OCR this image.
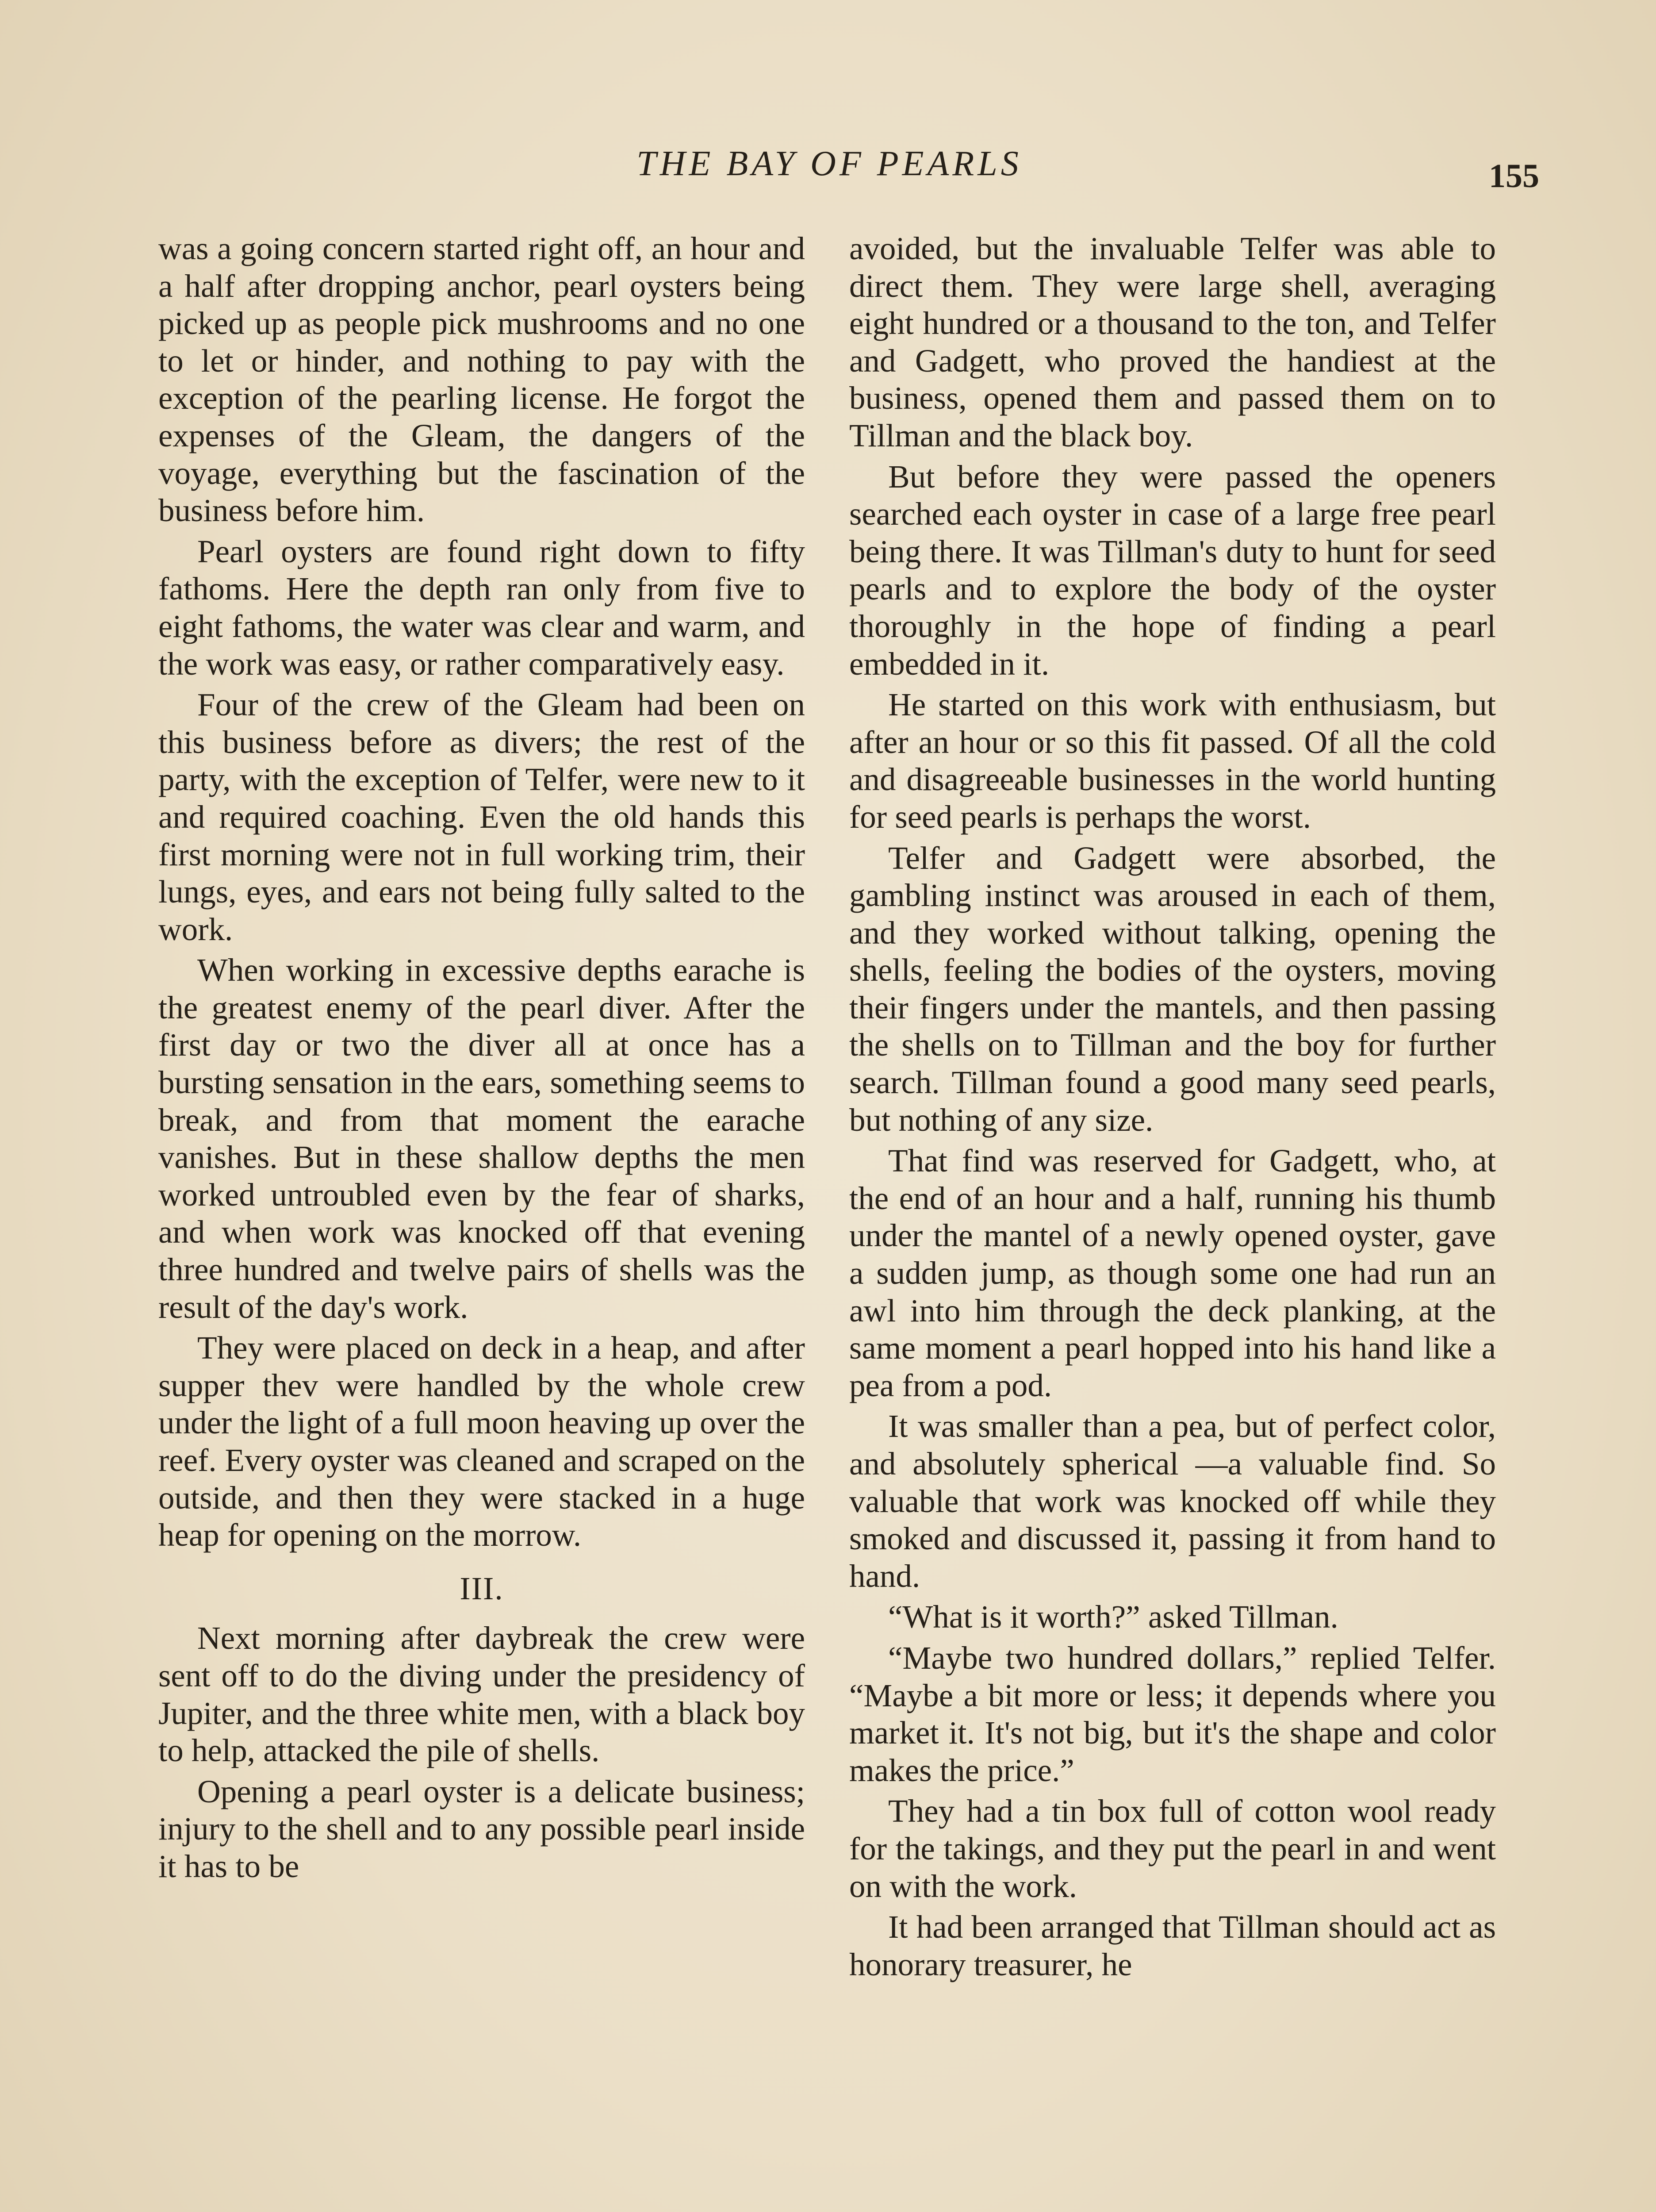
THE BAY OF PEARLS	155

was a going concern started right off, an hour and a half after dropping anchor, pearl oysters being picked up as people pick mushrooms and no one to let or hinder, and nothing to pay with the exception of the pearling license. He forgot the expenses of the Gleam, the dangers of the voyage, everything but the fascination of the business before him.

Pearl oysters are found right down to fifty fathoms. Here the depth ran only from five to eight fathoms, the water was clear and warm, and the work was easy, or rather comparatively easy.

Four of the crew of the Gleam had been on this business before as divers; the rest of the party, with the exception of Telfer, were new to it and required coaching. Even the old hands this first morning were not in full working trim, their lungs, eyes, and ears not being fully salted to the work.

When working in excessive depths earache is the greatest enemy of the pearl diver. After the first day or two the diver all at once has a bursting sensation in the ears, something seems to break, and from that moment the earache vanishes. But in these shallow depths the men worked untroubled even by the fear of sharks, and when work was knocked off that evening three hundred and twelve pairs of shells was the result of the day's work.

They were placed on deck in a heap, and after supper thev were handled by the whole crew under the light of a full moon heaving up over the reef. Every oyster was cleaned and scraped on the outside, and then they were stacked in a huge heap for opening on the morrow.

III.

Next morning after daybreak the crew were sent off to do the diving under the presidency of Jupiter, and the three white men, with a black boy to help, attacked the pile of shells.

Opening a pearl oyster is a delicate business; injury to the shell and to any possible pearl inside it has to be

avoided, but the invaluable Telfer was able to direct them. They were large shell, averaging eight hundred or a thousand to the ton, and Telfer and Gadgett, who proved the handiest at the business, opened them and passed them on to Tillman and the black boy.

But before they were passed the openers searched each oyster in case of a large free pearl being there. It was Tillman's duty to hunt for seed pearls and to explore the body of the oyster thoroughly in the hope of finding a pearl embedded in it.

He started on this work with enthusiasm, but after an hour or so this fit passed. Of all the cold and disagreeable businesses in the world hunting for seed pearls is perhaps the worst.

Telfer and Gadgett were absorbed, the gambling instinct was aroused in each of them, and they worked without talking, opening the shells, feeling the bodies of the oysters, moving their fingers under the mantels, and then passing the shells on to Tillman and the boy for further search. Tillman found a good many seed pearls, but nothing of any size.

That find was reserved for Gadgett, who, at the end of an hour and a half, running his thumb under the mantel of a newly opened oyster, gave a sudden jump, as though some one had run an awl into him through the deck planking, at the same moment a pearl hopped into his hand like a pea from a pod.

It was smaller than a pea, but of perfect color, and absolutely spherical —a valuable find. So valuable that work was knocked off while they smoked and discussed it, passing it from hand to hand.

“What is it worth?” asked Tillman.

“Maybe two hundred dollars,” replied Telfer. “Maybe a bit more or less; it depends where you market it. It's not big, but it's the shape and color makes the price.”

They had a tin box full of cotton wool ready for the takings, and they put the pearl in and went on with the work.

It had been arranged that Tillman should act as honorary treasurer, he
